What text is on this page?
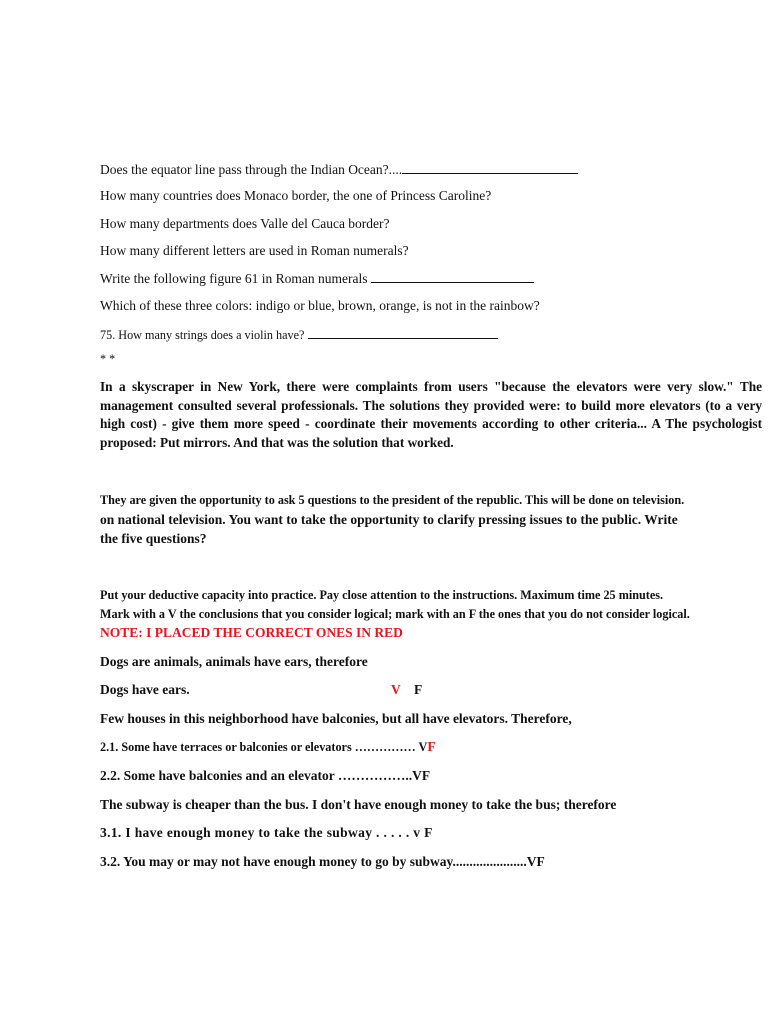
Does the equator line pass through the Indian Ocean?....
How many countries does Monaco border, the one of Princess Caroline?
How many departments does Valle del Cauca border?
How many different letters are used in Roman numerals?
Write the following figure 61 in Roman numerals
Which of these three colors: indigo or blue, brown, orange, is not in the rainbow?
75. How many strings does a violin have?
* *
In a skyscraper in New York, there were complaints from users "because the elevators were very slow." The management consulted several professionals. The solutions they provided were: to build more elevators (to a very high cost) - give them more speed - coordinate their movements according to other criteria... A The psychologist proposed: Put mirrors. And that was the solution that worked.
They are given the opportunity to ask 5 questions to the president of the republic. This will be done on television.
on national television. You want to take the opportunity to clarify pressing issues to the public. Write
the five questions?
Put your deductive capacity into practice. Pay close attention to the instructions. Maximum time 25 minutes.
Mark with a V the conclusions that you consider logical; mark with an F the ones that you do not consider logical.
NOTE: I PLACED THE CORRECT ONES IN RED
Dogs are animals, animals have ears, therefore
Dogs have ears.	V F
Few houses in this neighborhood have balconies, but all have elevators. Therefore,
2.1. Some have terraces or balconies or elevators …………… VF
2.2. Some have balconies and an elevator ……………..VF
The subway is cheaper than the bus. I don't have enough money to take the bus; therefore
3.1. I have enough money to take the subway . . . . . v F
3.2. You may or may not have enough money to go by subway......................VF
